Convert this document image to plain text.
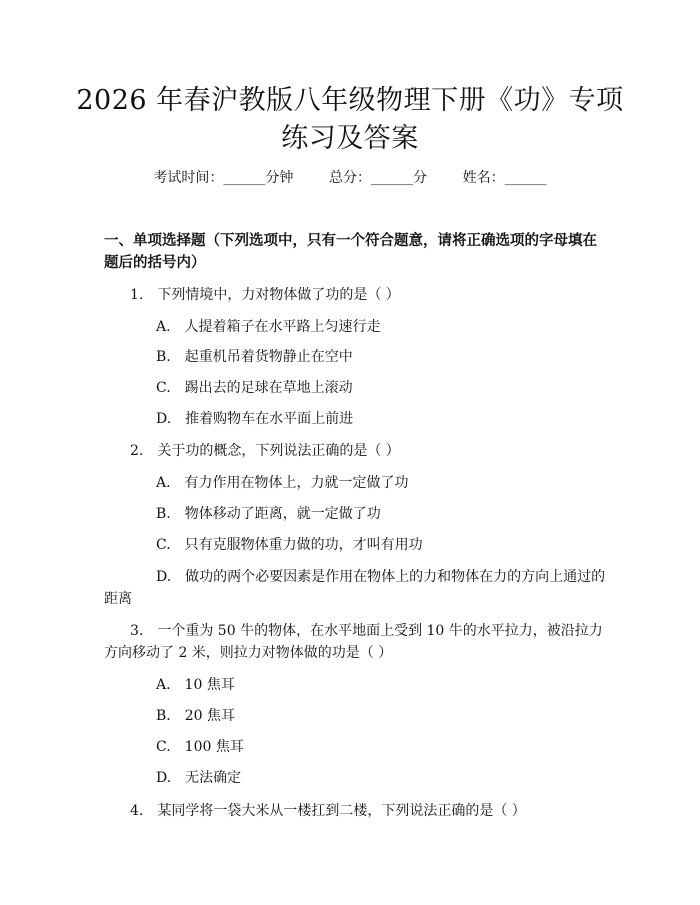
2026 年春沪教版八年级物理下册《功》专项
练习及答案
考试时间：______分钟	总分：______分	姓名：______
一、单项选择题（下列选项中，只有一个符合题意，请将正确选项的字母填在题后的括号内）
1.　下列情境中，力对物体做了功的是（ ）
A.　人提着箱子在水平路上匀速行走
B.　起重机吊着货物静止在空中
C.　踢出去的足球在草地上滚动
D.　推着购物车在水平面上前进
2.　关于功的概念，下列说法正确的是（ ）
A.　有力作用在物体上，力就一定做了功
B.　物体移动了距离，就一定做了功
C.　只有克服物体重力做的功，才叫有用功
D.　做功的两个必要因素是作用在物体上的力和物体在力的方向上通过的距离
3.　一个重为 50 牛的物体，在水平地面上受到 10 牛的水平拉力，被沿拉力方向移动了 2 米，则拉力对物体做的功是（ ）
A.　10 焦耳
B.　20 焦耳
C.　100 焦耳
D.　无法确定
4.　某同学将一袋大米从一楼扛到二楼，下列说法正确的是（ ）
